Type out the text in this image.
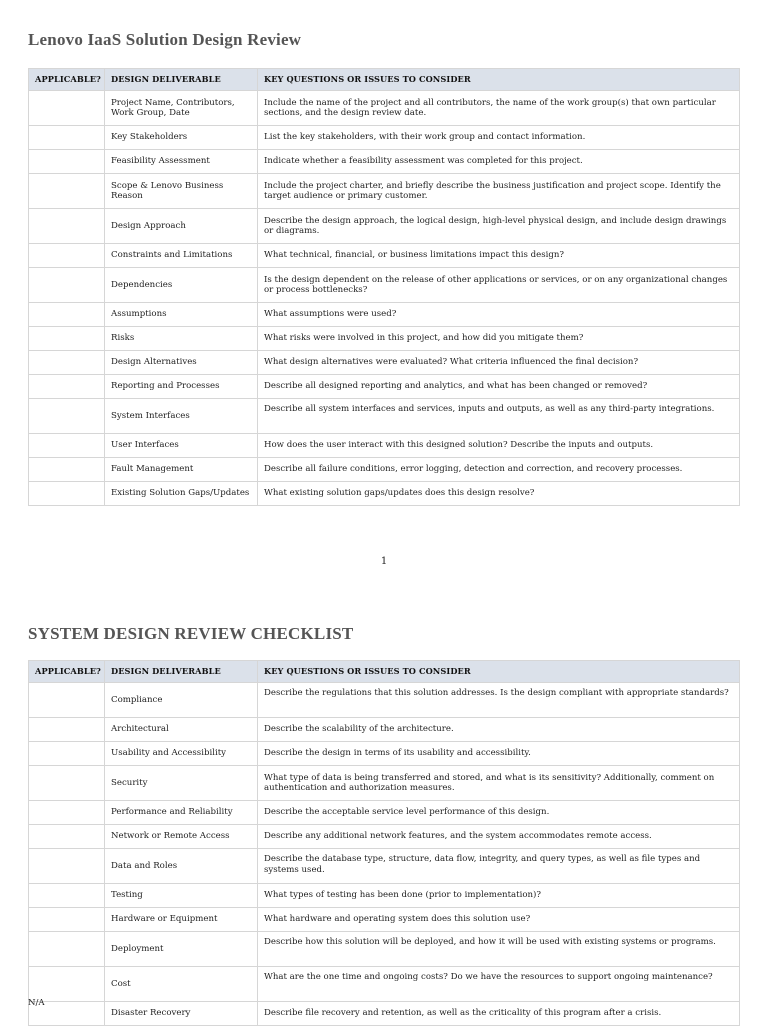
Lenovo IaaS Solution Design Review
APPLICABLE?	DESIGN DELIVERABLE	KEY QUESTIONS OR ISSUES TO CONSIDER
	Project Name, Contributors, Work Group, Date	Include the name of the project and all contributors, the name of the work group(s) that own particular sections, and the design review date.
	Key Stakeholders	List the key stakeholders, with their work group and contact information.
	Feasibility Assessment	Indicate whether a feasibility assessment was completed for this project.
	Scope & Lenovo Business Reason	Include the project charter, and briefly describe the business justification and project scope. Identify the target audience or primary customer.
	Design Approach	Describe the design approach, the logical design, high-level physical design, and include design drawings or diagrams.
	Constraints and Limitations	What technical, financial, or business limitations impact this design?
	Dependencies	Is the design dependent on the release of other applications or services, or on any organizational changes or process bottlenecks?
	Assumptions	What assumptions were used?
	Risks	What risks were involved in this project, and how did you mitigate them?
	Design Alternatives	What design alternatives were evaluated? What criteria influenced the final decision?
	Reporting and Processes	Describe all designed reporting and analytics, and what has been changed or removed?
	System Interfaces	Describe all system interfaces and services, inputs and outputs, as well as any third-party integrations.
	User Interfaces	How does the user interact with this designed solution? Describe the inputs and outputs.
	Fault Management	Describe all failure conditions, error logging, detection and correction, and recovery processes.
	Existing Solution Gaps/Updates	What existing solution gaps/updates does this design resolve?
1
SYSTEM DESIGN REVIEW CHECKLIST
APPLICABLE?	DESIGN DELIVERABLE	KEY QUESTIONS OR ISSUES TO CONSIDER
	Compliance	Describe the regulations that this solution addresses. Is the design compliant with appropriate standards?
	Architectural	Describe the scalability of the architecture.
	Usability and Accessibility	Describe the design in terms of its usability and accessibility.
	Security	What type of data is being transferred and stored, and what is its sensitivity? Additionally, comment on authentication and authorization measures.
	Performance and Reliability	Describe the acceptable service level performance of this design.
	Network or Remote Access	Describe any additional network features, and the system accommodates remote access.
	Data and Roles	Describe the database type, structure, data flow, integrity, and query types, as well as file types and systems used.
	Testing	What types of testing has been done (prior to implementation)?
	Hardware or Equipment	What hardware and operating system does this solution use?
	Deployment	Describe how this solution will be deployed, and how it will be used with existing systems or programs.
	Cost	What are the one time and ongoing costs? Do we have the resources to support ongoing maintenance?
	Disaster Recovery	Describe file recovery and retention, as well as the criticality of this program after a crisis.
N/A
